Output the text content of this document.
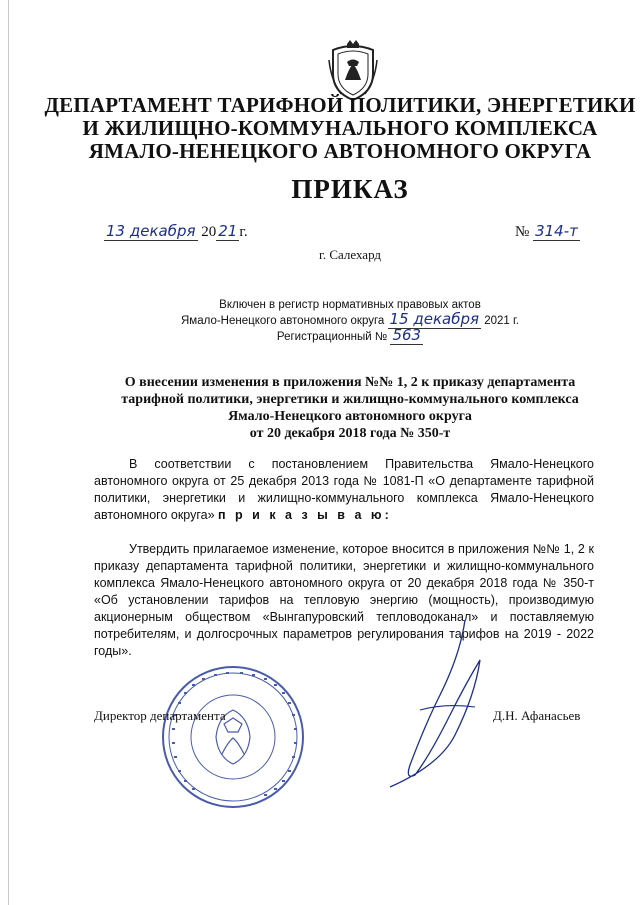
ДЕПАРТАМЕНТ ТАРИФНОЙ ПОЛИТИКИ, ЭНЕРГЕТИКИ
И ЖИЛИЩНО-КОММУНАЛЬНОГО КОМПЛЕКСА
ЯМАЛО-НЕНЕЦКОГО АВТОНОМНОГО ОКРУГА
ПРИКАЗ
13 декабря 20 21 г.	№ 314-т
г. Салехард
Включен в регистр нормативных правовых актов
Ямало-Ненецкого автономного округа 15 декабря 2021 г.
Регистрационный № 563
О внесении изменения в приложения №№ 1, 2 к приказу департамента
тарифной политики, энергетики и жилищно-коммунального комплекса
Ямало-Ненецкого автономного округа
от 20 декабря 2018 года № 350-т

В соответствии с постановлением Правительства Ямало-Ненецкого автономного округа от 25 декабря 2013 года № 1081-П «О департаменте тарифной политики, энергетики и жилищно-коммунального комплекса Ямало-Ненецкого автономного округа» п р и к а з ы в а ю:

Утвердить прилагаемое изменение, которое вносится в приложения №№ 1, 2 к приказу департамента тарифной политики, энергетики и жилищно-коммунального комплекса Ямало-Ненецкого автономного округа от 20 декабря 2018 года № 350-т «Об установлении тарифов на тепловую энергию (мощность), производимую акционерным обществом «Вынгапуровский тепловодоканал» и поставляемую потребителям, и долгосрочных параметров регулирования тарифов на 2019 - 2022 годы».

Директор департамента	Д.Н. Афанасьев
